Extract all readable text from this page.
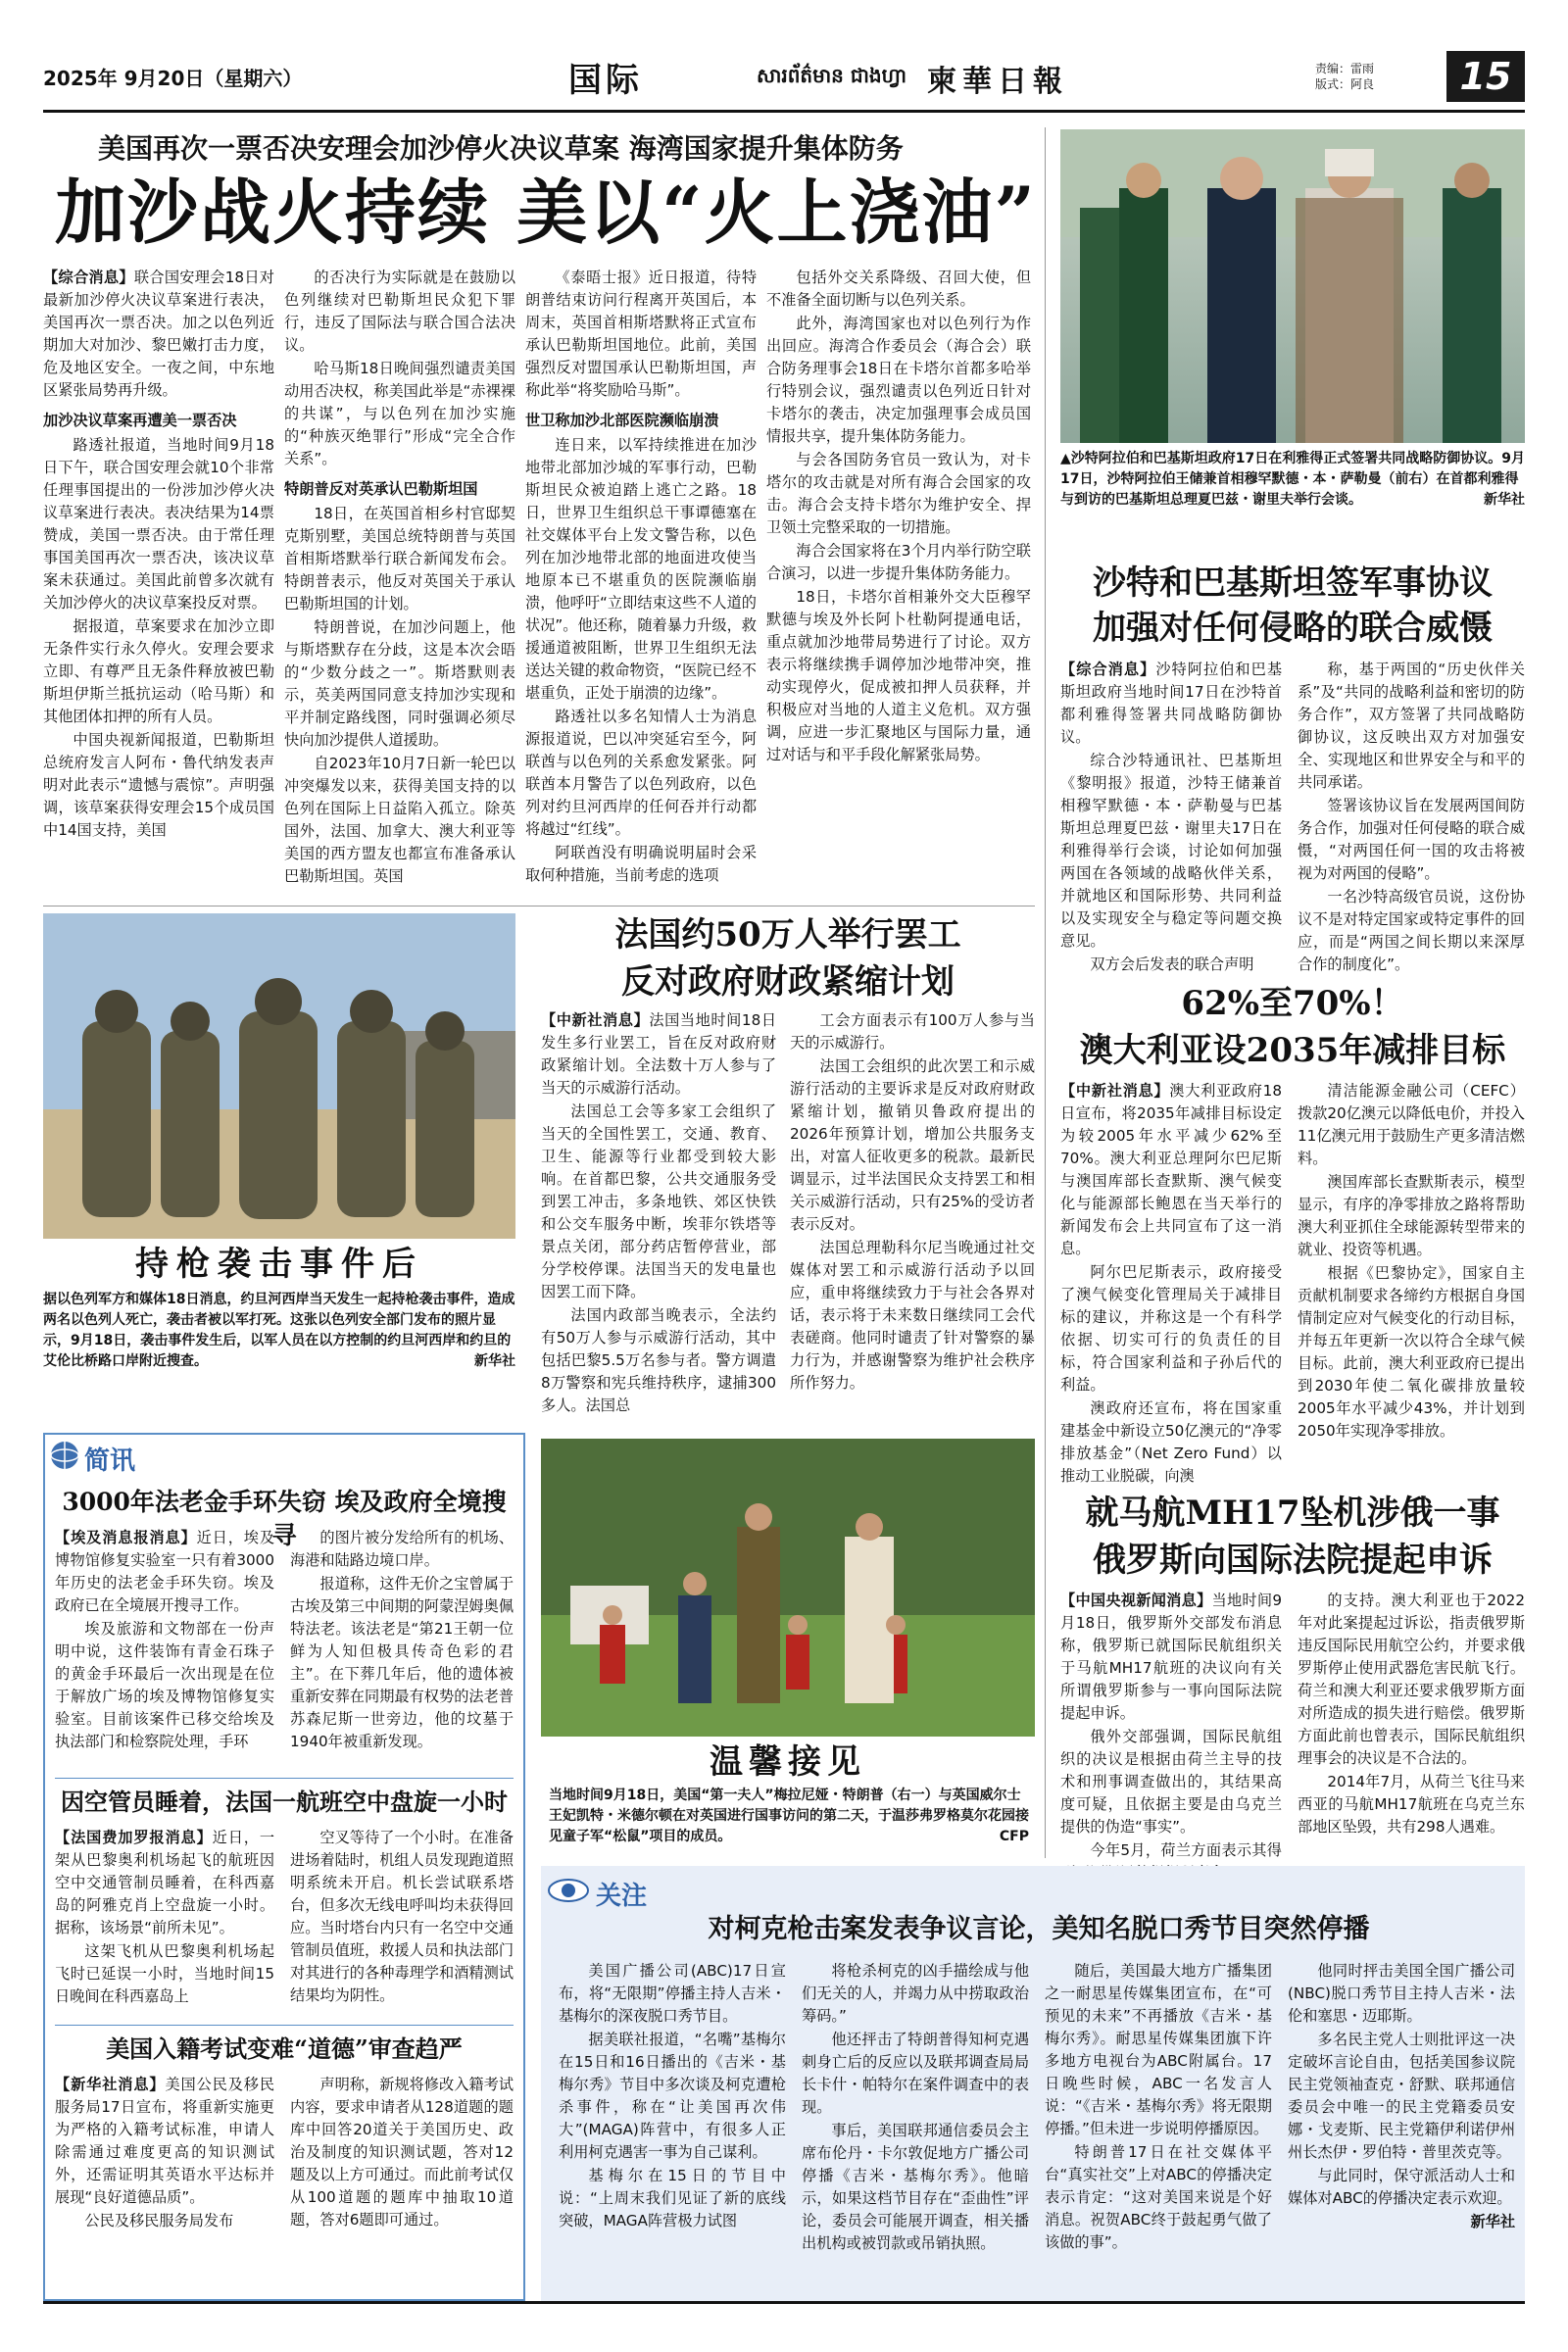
2025年 9月20日（星期六）	国际	សារព័ត៌មាន ជាងហ្វា 柬華日報	责编：雷雨
版式：阿良	15
美国再次一票否决安理会加沙停火决议草案 海湾国家提升集体防务
加沙战火持续 美以“火上浇油”

【综合消息】联合国安理会18日对最新加沙停火决议草案进行表决，美国再次一票否决。加之以色列近期加大对加沙、黎巴嫩打击力度，危及地区安全。一夜之间，中东地区紧张局势再升级。

加沙决议草案再遭美一票否决

路透社报道，当地时间9月18日下午，联合国安理会就10个非常任理事国提出的一份涉加沙停火决议草案进行表决。表决结果为14票赞成，美国一票否决。由于常任理事国美国再次一票否决，该决议草案未获通过。美国此前曾多次就有关加沙停火的决议草案投反对票。

据报道，草案要求在加沙立即无条件实行永久停火。安理会要求立即、有尊严且无条件释放被巴勒斯坦伊斯兰抵抗运动（哈马斯）和其他团体扣押的所有人员。

中国央视新闻报道，巴勒斯坦总统府发言人阿布・鲁代纳发表声明对此表示“遗憾与震惊”。声明强调，该草案获得安理会15个成员国中14国支持，美国

的否决行为实际就是在鼓励以色列继续对巴勒斯坦民众犯下罪行，违反了国际法与联合国合法决议。

哈马斯18日晚间强烈谴责美国动用否决权，称美国此举是“赤裸裸的共谋”，与以色列在加沙实施的“种族灭绝罪行”形成“完全合作关系”。

特朗普反对英承认巴勒斯坦国

18日，在英国首相乡村官邸契克斯别墅，美国总统特朗普与英国首相斯塔默举行联合新闻发布会。特朗普表示，他反对英国关于承认巴勒斯坦国的计划。

特朗普说，在加沙问题上，他与斯塔默存在分歧，这是本次会晤的“少数分歧之一”。斯塔默则表示，英美两国同意支持加沙实现和平并制定路线图，同时强调必须尽快向加沙提供人道援助。

自2023年10月7日新一轮巴以冲突爆发以来，获得美国支持的以色列在国际上日益陷入孤立。除英国外，法国、加拿大、澳大利亚等美国的西方盟友也都宣布准备承认巴勒斯坦国。英国

《泰晤士报》近日报道，待特朗普结束访问行程离开英国后，本周末，英国首相斯塔默将正式宣布承认巴勒斯坦国地位。此前，美国强烈反对盟国承认巴勒斯坦国，声称此举“将奖励哈马斯”。

世卫称加沙北部医院濒临崩溃

连日来，以军持续推进在加沙地带北部加沙城的军事行动，巴勒斯坦民众被迫踏上逃亡之路。18日，世界卫生组织总干事谭德塞在社交媒体平台上发文警告称，以色列在加沙地带北部的地面进攻使当地原本已不堪重负的医院濒临崩溃，他呼吁“立即结束这些不人道的状况”。他还称，随着暴力升级，救援通道被阻断，世界卫生组织无法送达关键的救命物资，“医院已经不堪重负，正处于崩溃的边缘”。

路透社以多名知情人士为消息源报道说，巴以冲突延宕至今，阿联酋与以色列的关系愈发紧张。阿联酋本月警告了以色列政府，以色列对约旦河西岸的任何吞并行动都将越过“红线”。

阿联酋没有明确说明届时会采取何种措施，当前考虑的选项

包括外交关系降级、召回大使，但不准备全面切断与以色列关系。

此外，海湾国家也对以色列行为作出回应。海湾合作委员会（海合会）联合防务理事会18日在卡塔尔首都多哈举行特别会议，强烈谴责以色列近日针对卡塔尔的袭击，决定加强理事会成员国情报共享，提升集体防务能力。

与会各国防务官员一致认为，对卡塔尔的攻击就是对所有海合会国家的攻击。海合会支持卡塔尔为维护安全、捍卫领土完整采取的一切措施。

海合会国家将在3个月内举行防空联合演习，以进一步提升集体防务能力。

18日，卡塔尔首相兼外交大臣穆罕默德与埃及外长阿卜杜勒阿提通电话，重点就加沙地带局势进行了讨论。双方表示将继续携手调停加沙地带冲突，推动实现停火，促成被扣押人员获释，并积极应对当地的人道主义危机。双方强调，应进一步汇聚地区与国际力量，通过对话与和平手段化解紧张局势。

▲沙特阿拉伯和巴基斯坦政府17日在利雅得正式签署共同战略防御协议。9月17日，沙特阿拉伯王储兼首相穆罕默德・本・萨勒曼（前右）在首都利雅得与到访的巴基斯坦总理夏巴兹・谢里夫举行会谈。	新华社
沙特和巴基斯坦签军事协议
加强对任何侵略的联合威慑

【综合消息】沙特阿拉伯和巴基斯坦政府当地时间17日在沙特首都利雅得签署共同战略防御协议。

综合沙特通讯社、巴基斯坦《黎明报》报道，沙特王储兼首相穆罕默德・本・萨勒曼与巴基斯坦总理夏巴兹・谢里夫17日在利雅得举行会谈，讨论如何加强两国在各领域的战略伙伴关系，并就地区和国际形势、共同利益以及实现安全与稳定等问题交换意见。

双方会后发表的联合声明

称，基于两国的“历史伙伴关系”及“共同的战略利益和密切的防务合作”，双方签署了共同战略防御协议，这反映出双方对加强安全、实现地区和世界安全与和平的共同承诺。

签署该协议旨在发展两国间防务合作，加强对任何侵略的联合威慑，“对两国任何一国的攻击将被视为对两国的侵略”。

一名沙特高级官员说，这份协议不是对特定国家或特定事件的回应，而是“两国之间长期以来深厚合作的制度化”。

62%至70%！
澳大利亚设2035年减排目标

【中新社消息】澳大利亚政府18日宣布，将2035年减排目标设定为较2005年水平减少62%至70%。澳大利亚总理阿尔巴尼斯与澳国库部长查默斯、澳气候变化与能源部长鲍恩在当天举行的新闻发布会上共同宣布了这一消息。

阿尔巴尼斯表示，政府接受了澳气候变化管理局关于减排目标的建议，并称这是一个有科学依据、切实可行的负责任的目标，符合国家利益和子孙后代的利益。

澳政府还宣布，将在国家重建基金中新设立50亿澳元的“净零排放基金”（Net Zero Fund）以推动工业脱碳，向澳

清洁能源金融公司（CEFC）拨款20亿澳元以降低电价，并投入11亿澳元用于鼓励生产更多清洁燃料。

澳国库部长查默斯表示，模型显示，有序的净零排放之路将帮助澳大利亚抓住全球能源转型带来的就业、投资等机遇。

根据《巴黎协定》，国家自主贡献机制要求各缔约方根据自身国情制定应对气候变化的行动目标，并每五年更新一次以符合全球气候目标。此前，澳大利亚政府已提出到2030年使二氧化碳排放量较2005年水平减少43%，并计划到2050年实现净零排放。

就马航MH17坠机涉俄一事
俄罗斯向国际法院提起申诉

【中国央视新闻消息】当地时间9月18日，俄罗斯外交部发布消息称，俄罗斯已就国际民航组织关于马航MH17航班的决议向有关所谓俄罗斯参与一事向国际法院提起申诉。

俄外交部强调，国际民航组织的决议是根据由荷兰主导的技术和刑事调查做出的，其结果高度可疑，且依据主要是由乌克兰提供的伪造“事实”。

今年5月，荷兰方面表示其得

的支持。澳大利亚也于2022年对此案提起过诉讼，指责俄罗斯违反国际民用航空公约，并要求俄罗斯停止使用武器危害民航飞行。荷兰和澳大利亚还要求俄罗斯方面对所造成的损失进行赔偿。俄罗斯方面此前也曾表示，国际民航组织理事会的决议是不合法的。

2014年7月，从荷兰飞往马来西亚的马航MH17航班在乌克兰东部地区坠毁，共有298人遇难。

持枪袭击事件后
据以色列军方和媒体18日消息，约旦河西岸当天发生一起持枪袭击事件，造成两名以色列人死亡，袭击者被以军打死。这张以色列安全部门发布的照片显示，9月18日，袭击事件发生后，以军人员在以方控制的约旦河西岸和约旦的艾伦比桥路口岸附近搜查。	新华社
法国约50万人举行罢工
反对政府财政紧缩计划

【中新社消息】法国当地时间18日发生多行业罢工，旨在反对政府财政紧缩计划。全法数十万人参与了当天的示威游行活动。

法国总工会等多家工会组织了当天的全国性罢工，交通、教育、卫生、能源等行业都受到较大影响。在首都巴黎，公共交通服务受到罢工冲击，多条地铁、郊区快铁和公交车服务中断，埃菲尔铁塔等景点关闭，部分药店暂停营业，部分学校停课。法国当天的发电量也因罢工而下降。

法国内政部当晚表示，全法约有50万人参与示威游行活动，其中包括巴黎5.5万名参与者。警方调遣8万警察和宪兵维持秩序，逮捕300多人。法国总

工会方面表示有100万人参与当天的示威游行。

法国工会组织的此次罢工和示威游行活动的主要诉求是反对政府财政紧缩计划，撤销贝鲁政府提出的2026年预算计划，增加公共服务支出，对富人征收更多的税款。最新民调显示，过半法国民众支持罢工和相关示威游行活动，只有25%的受访者表示反对。

法国总理勒科尔尼当晚通过社交媒体对罢工和示威游行活动予以回应，重申将继续致力于与社会各界对话，表示将于未来数日继续同工会代表磋商。他同时谴责了针对警察的暴力行为，并感谢警察为维护社会秩序所作努力。

温馨接见
当地时间9月18日，美国“第一夫人”梅拉尼娅・特朗普（右一）与英国威尔士王妃凯特・米德尔顿在对英国进行国事访问的第二天，于温莎弗罗格莫尔花园接见童子军“松鼠”项目的成员。	CFP
简讯
3000年法老金手环失窃 埃及政府全境搜寻

【埃及消息报消息】近日，埃及博物馆修复实验室一只有着3000年历史的法老金手环失窃。埃及政府已在全境展开搜寻工作。

埃及旅游和文物部在一份声明中说，这件装饰有青金石珠子的黄金手环最后一次出现是在位于解放广场的埃及博物馆修复实验室。目前该案件已移交给埃及执法部门和检察院处理，手环

的图片被分发给所有的机场、海港和陆路边境口岸。

报道称，这件无价之宝曾属于古埃及第三中间期的阿蒙涅姆奥佩特法老。该法老是“第21王朝一位鲜为人知但极具传奇色彩的君主”。在下葬几年后，他的遗体被重新安葬在同期最有权势的法老普苏森尼斯一世旁边，他的坟墓于1940年被重新发现。

因空管员睡着，法国一航班空中盘旋一小时

【法国费加罗报消息】近日，一架从巴黎奥利机场起飞的航班因空中交通管制员睡着，在科西嘉岛的阿雅克肖上空盘旋一小时。据称，该场景“前所未见”。

这架飞机从巴黎奥利机场起飞时已延误一小时，当地时间15日晚间在科西嘉岛上

空叉等待了一个小时。在准备进场着陆时，机组人员发现跑道照明系统未开启。机长尝试联系塔台，但多次无线电呼叫均未获得回应。当时塔台内只有一名空中交通管制员值班，救援人员和执法部门对其进行的各种毒理学和酒精测试结果均为阴性。

美国入籍考试变难“道德”审查趋严

【新华社消息】美国公民及移民服务局17日宣布，将重新实施更为严格的入籍考试标准，申请人除需通过难度更高的知识测试外，还需证明其英语水平达标并展现“良好道德品质”。

公民及移民服务局发布

声明称，新规将修改入籍考试内容，要求申请者从128道题的题库中回答20道关于美国历史、政治及制度的知识测试题，答对12题及以上方可通过。而此前考试仅从100道题的题库中抽取10道题，答对6题即可通过。

关注
对柯克枪击案发表争议言论，美知名脱口秀节目突然停播

美国广播公司(ABC)17日宣布，将“无限期”停播主持人吉米・基梅尔的深夜脱口秀节目。

据美联社报道，“名嘴”基梅尔在15日和16日播出的《吉米・基梅尔秀》节目中多次谈及柯克遭枪杀事件，称在“让美国再次伟大”(MAGA)阵营中，有很多人正利用柯克遇害一事为自己谋利。

基梅尔在15日的节目中说：“上周末我们见证了新的底线突破，MAGA阵营极力试图

将枪杀柯克的凶手描绘成与他们无关的人，并竭力从中捞取政治筹码。”

他还抨击了特朗普得知柯克遇刺身亡后的反应以及联邦调查局局长卡什・帕特尔在案件调查中的表现。

事后，美国联邦通信委员会主席布伦丹・卡尔敦促地方广播公司停播《吉米・基梅尔秀》。他暗示，如果这档节目存在“歪曲性”评论，委员会可能展开调查，相关播出机构或被罚款或吊销执照。

随后，美国最大地方广播集团之一耐思星传媒集团宣布，在“可预见的未来”不再播放《吉米・基梅尔秀》。耐思星传媒集团旗下许多地方电视台为ABC附属台。17日晚些时候，ABC一名发言人说：“《吉米・基梅尔秀》将无限期停播。”但未进一步说明停播原因。

特朗普17日在社交媒体平台“真实社交”上对ABC的停播决定表示肯定：“这对美国来说是个好消息。祝贺ABC终于鼓起勇气做了该做的事”。

他同时抨击美国全国广播公司(NBC)脱口秀节目主持人吉米・法伦和塞思・迈耶斯。

多名民主党人士则批评这一决定破坏言论自由，包括美国参议院民主党领袖查克・舒默、联邦通信委员会中唯一的民主党籍委员安娜・戈麦斯、民主党籍伊利诺伊州州长杰伊・罗伯特・普里茨克等。

与此同时，保守派活动人士和媒体对ABC的停播决定表示欢迎。

新华社
